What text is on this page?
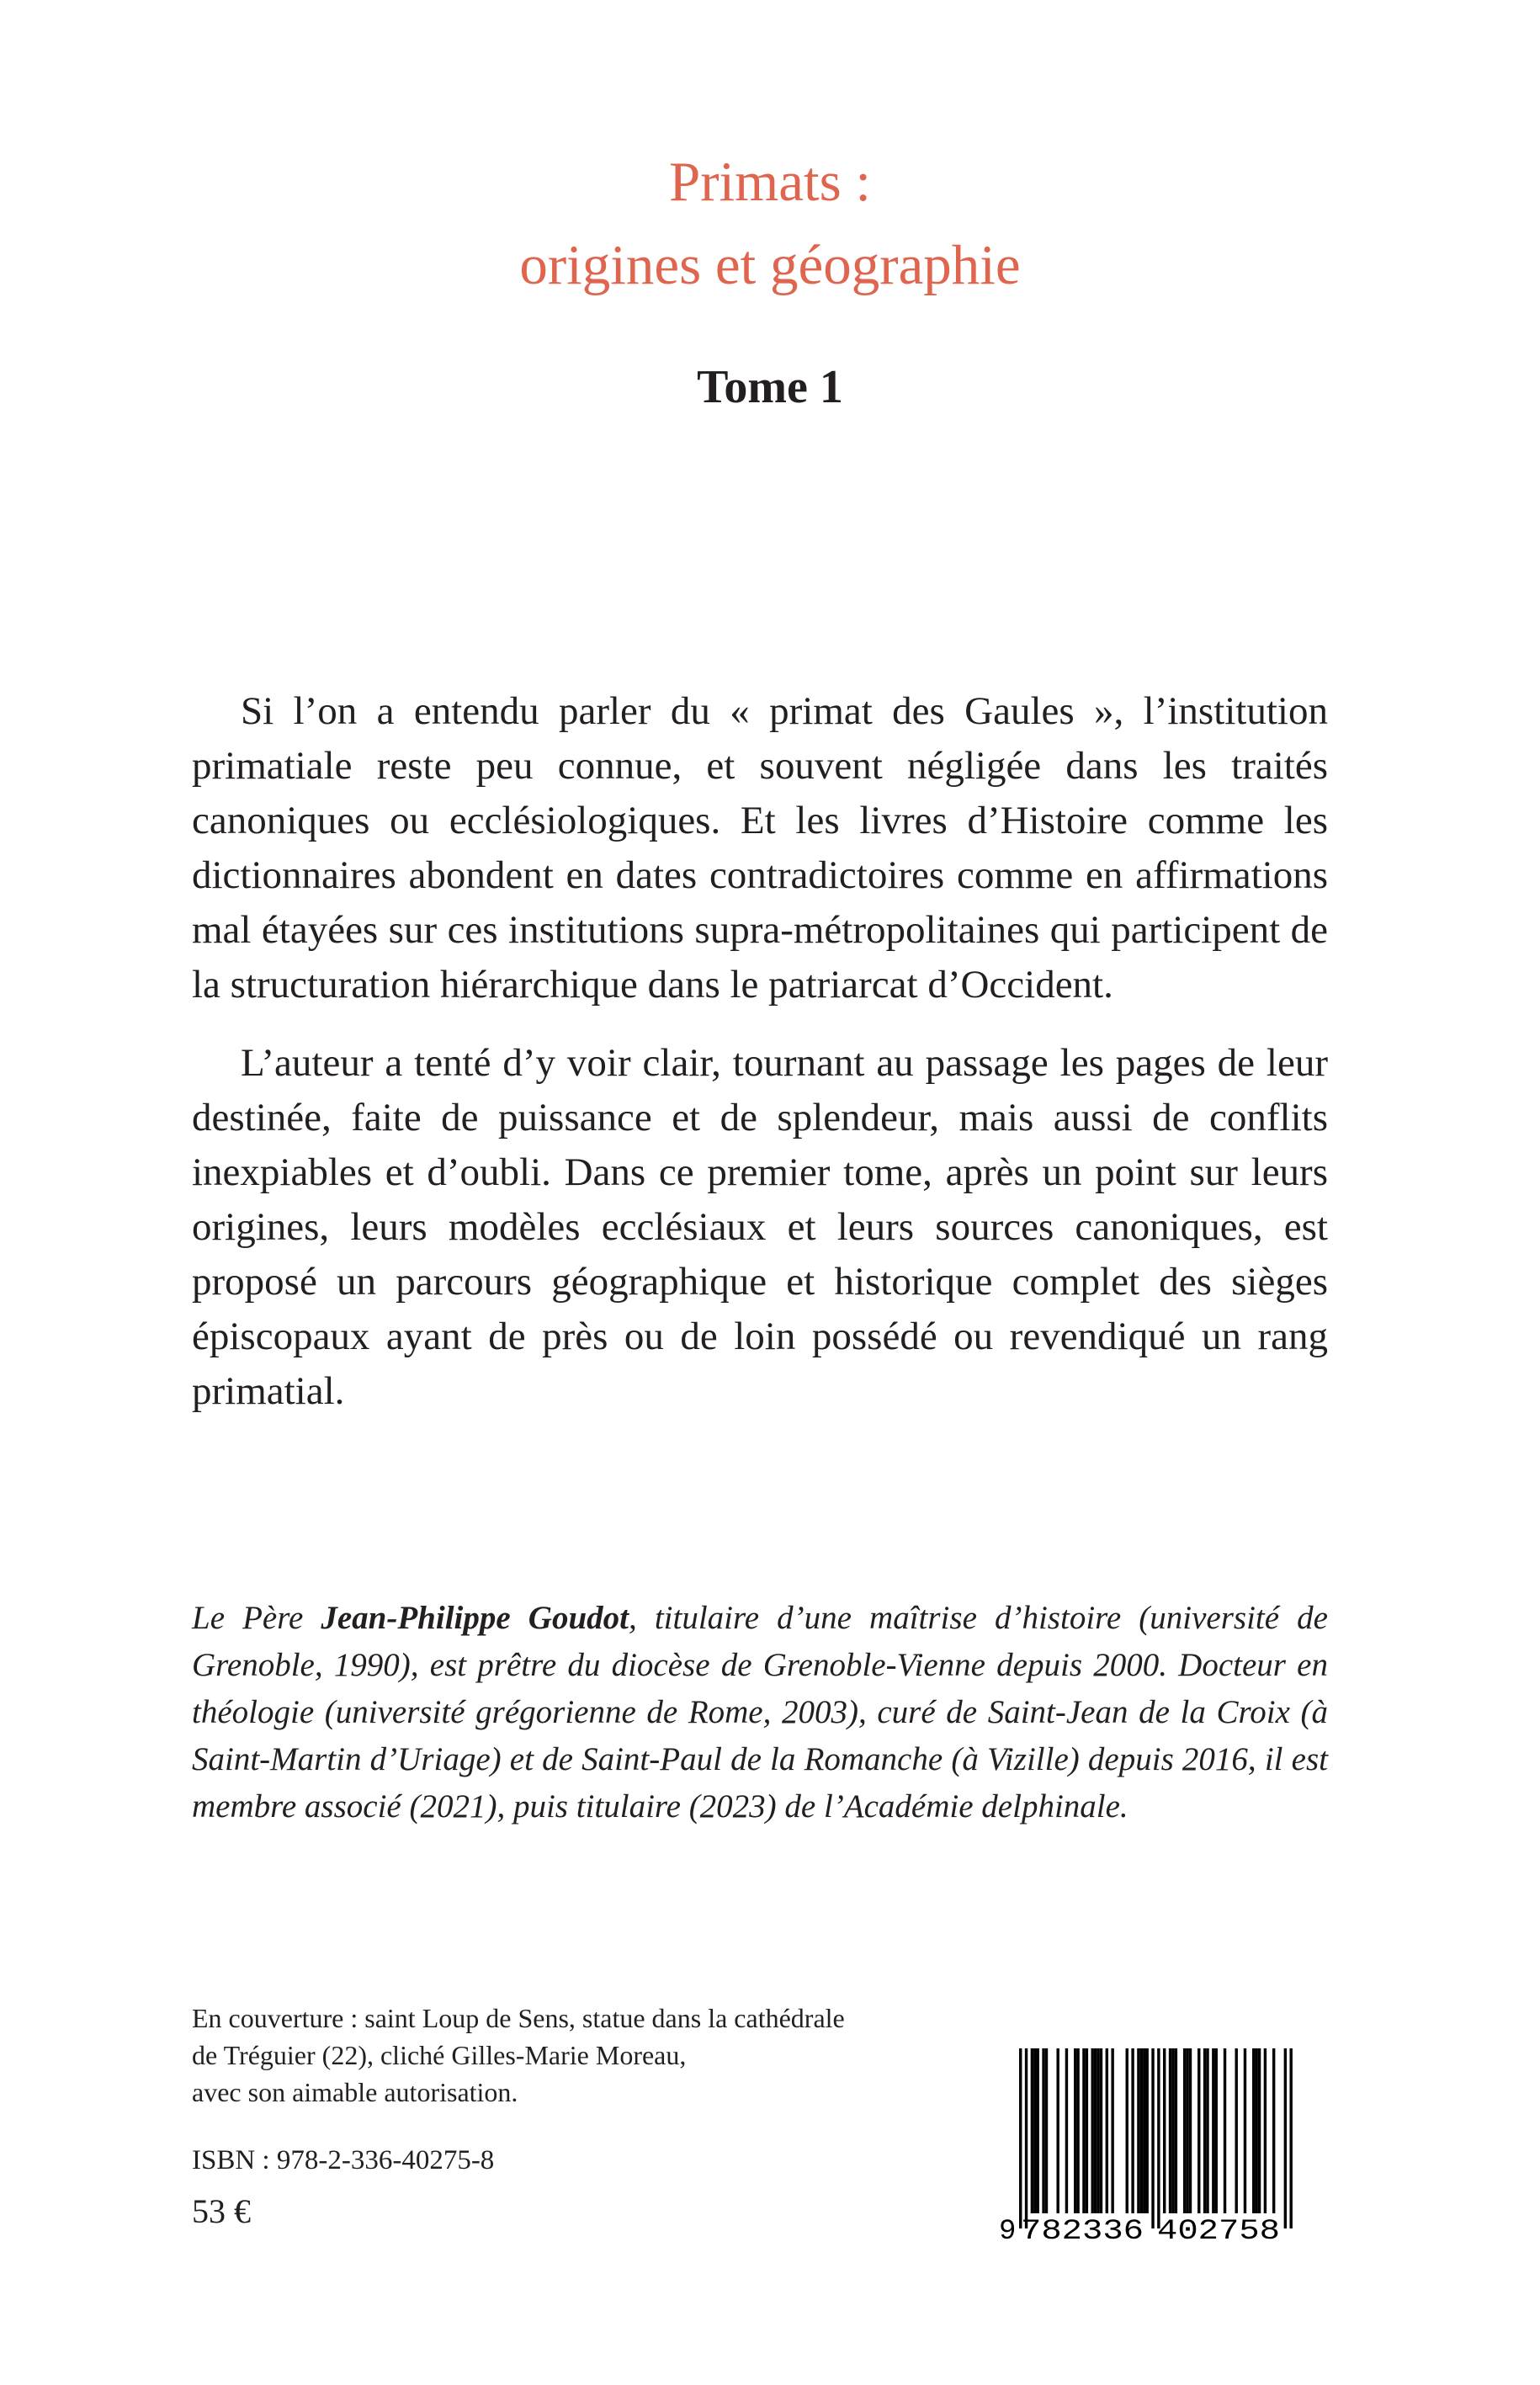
Primats :
origines et géographie
Tome 1

Si l’on a entendu parler du « primat des Gaules », l’institution primatiale reste peu connue, et souvent négligée dans les traités canoniques ou ecclésiologiques. Et les livres d’Histoire comme les dictionnaires abondent en dates contradictoires comme en affirmations mal étayées sur ces institutions supra-métropolitaines qui participent de la structuration hiérarchique dans le patriarcat d’Occident.

L’auteur a tenté d’y voir clair, tournant au passage les pages de leur destinée, faite de puissance et de splendeur, mais aussi de conflits inexpiables et d’oubli. Dans ce premier tome, après un point sur leurs origines, leurs modèles ecclésiaux et leurs sources canoniques, est proposé un parcours géographique et historique complet des sièges épiscopaux ayant de près ou de loin possédé ou revendiqué un rang primatial.

Le Père Jean-Philippe Goudot, titulaire d’une maîtrise d’histoire (université de Grenoble, 1990), est prêtre du diocèse de Grenoble-Vienne depuis 2000. Docteur en théologie (université grégorienne de Rome, 2003), curé de Saint-Jean de la Croix (à Saint-Martin d’Uriage) et de Saint-Paul de la Romanche (à Vizille) depuis 2016, il est membre associé (2021), puis titulaire (2023) de l’Académie delphinale.

En couverture : saint Loup de Sens, statue dans la cathédrale
de Tréguier (22), cliché Gilles-Marie Moreau,
avec son aimable autorisation.
ISBN : 978-2-336-40275-8
53 €
9 782336 402758
